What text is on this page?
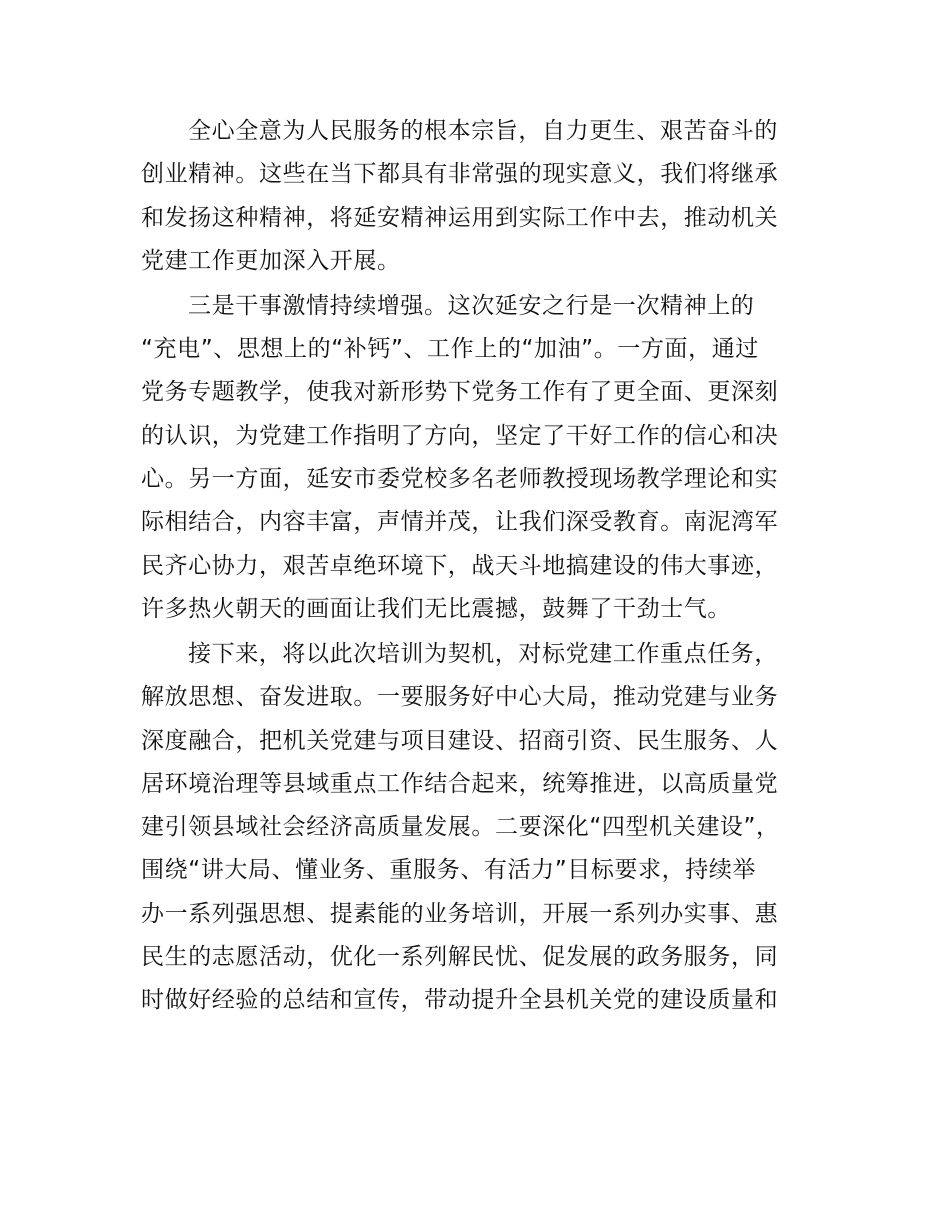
全心全意为人民服务的根本宗旨，自力更生、艰苦奋斗的
创业精神。这些在当下都具有非常强的现实意义，我们将继承
和发扬这种精神，将延安精神运用到实际工作中去，推动机关
党建工作更加深入开展。
三是干事激情持续增强。这次延安之行是一次精神上的
“充电”、思想上的“补钙”、工作上的“加油”。一方面，通过
党务专题教学，使我对新形势下党务工作有了更全面、更深刻
的认识，为党建工作指明了方向，坚定了干好工作的信心和决
心。另一方面，延安市委党校多名老师教授现场教学理论和实
际相结合，内容丰富，声情并茂，让我们深受教育。南泥湾军
民齐心协力，艰苦卓绝环境下，战天斗地搞建设的伟大事迹，
许多热火朝天的画面让我们无比震撼，鼓舞了干劲士气。
接下来，将以此次培训为契机，对标党建工作重点任务，
解放思想、奋发进取。一要服务好中心大局，推动党建与业务
深度融合，把机关党建与项目建设、招商引资、民生服务、人
居环境治理等县域重点工作结合起来，统筹推进，以高质量党
建引领县域社会经济高质量发展。二要深化“四型机关建设”，
围绕“讲大局、懂业务、重服务、有活力”目标要求，持续举
办一系列强思想、提素能的业务培训，开展一系列办实事、惠
民生的志愿活动，优化一系列解民忧、促发展的政务服务，同
时做好经验的总结和宣传，带动提升全县机关党的建设质量和
